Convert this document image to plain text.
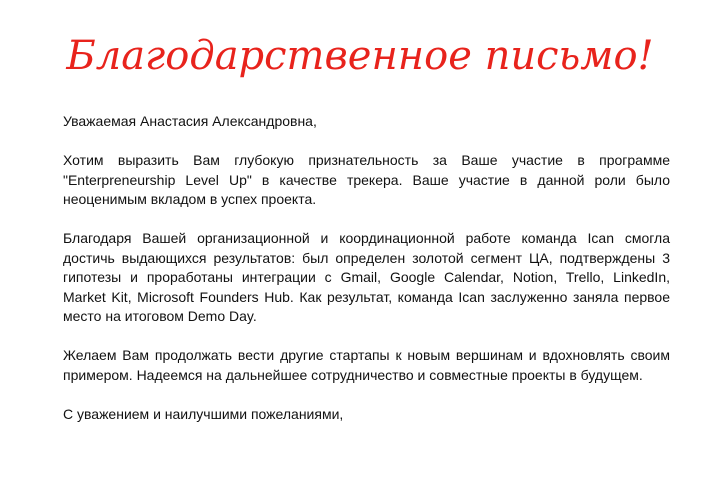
Благодарственное письмо!

Уважаемая Анастасия Александровна,

Хотим выразить Вам глубокую признательность за Ваше участие в программе
"Enterpreneurship Level Up" в качестве трекера. Ваше участие в данной роли было
неоценимым вкладом в успех проекта.

Благодаря Вашей организационной и координационной работе команда Ican смогла
достичь выдающихся результатов: был определен золотой сегмент ЦА, подтверждены 3
гипотезы и проработаны интеграции с Gmail, Google Calendar, Notion, Trello, LinkedIn,
Market Kit, Microsoft Founders Hub. Как результат, команда Ican заслуженно заняла первое
место на итоговом Demo Day.

Желаем Вам продолжать вести другие стартапы к новым вершинам и вдохновлять своим
примером. Надеемся на дальнейшее сотрудничество и совместные проекты в будущем.

С уважением и наилучшими пожеланиями,
